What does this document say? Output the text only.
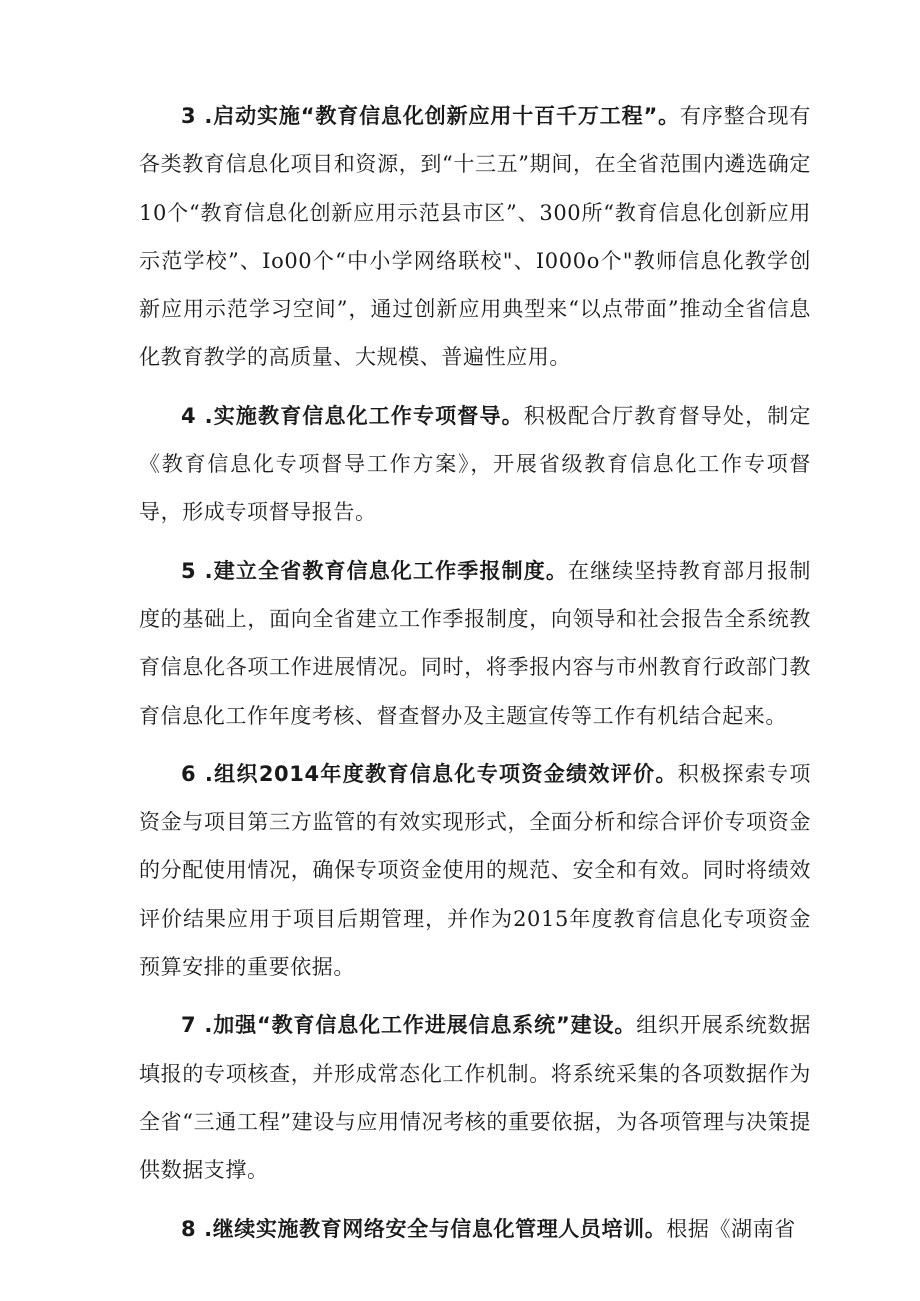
3 .启动实施“教育信息化创新应用十百千万工程”。有序整合现有各类教育信息化项目和资源，到“十三五”期间，在全省范围内遴选确定10个“教育信息化创新应用示范县市区”、300所“教育信息化创新应用示范学校”、Io00个“中小学网络联校"、I000o个"教师信息化教学创新应用示范学习空间”，通过创新应用典型来“以点带面”推动全省信息化教育教学的高质量、大规模、普遍性应用。

4 .实施教育信息化工作专项督导。积极配合厅教育督导处，制定《教育信息化专项督导工作方案》，开展省级教育信息化工作专项督导，形成专项督导报告。

5 .建立全省教育信息化工作季报制度。在继续坚持教育部月报制度的基础上，面向全省建立工作季报制度，向领导和社会报告全系统教育信息化各项工作进展情况。同时，将季报内容与市州教育行政部门教育信息化工作年度考核、督查督办及主题宣传等工作有机结合起来。

6 .组织2014年度教育信息化专项资金绩效评价。积极探索专项资金与项目第三方监管的有效实现形式，全面分析和综合评价专项资金的分配使用情况，确保专项资金使用的规范、安全和有效。同时将绩效评价结果应用于项目后期管理，并作为2015年度教育信息化专项资金预算安排的重要依据。

7 .加强“教育信息化工作进展信息系统”建设。组织开展系统数据填报的专项核查，并形成常态化工作机制。将系统采集的各项数据作为全省“三通工程”建设与应用情况考核的重要依据，为各项管理与决策提供数据支撑。

8 .继续实施教育网络安全与信息化管理人员培训。根据《湖南省
